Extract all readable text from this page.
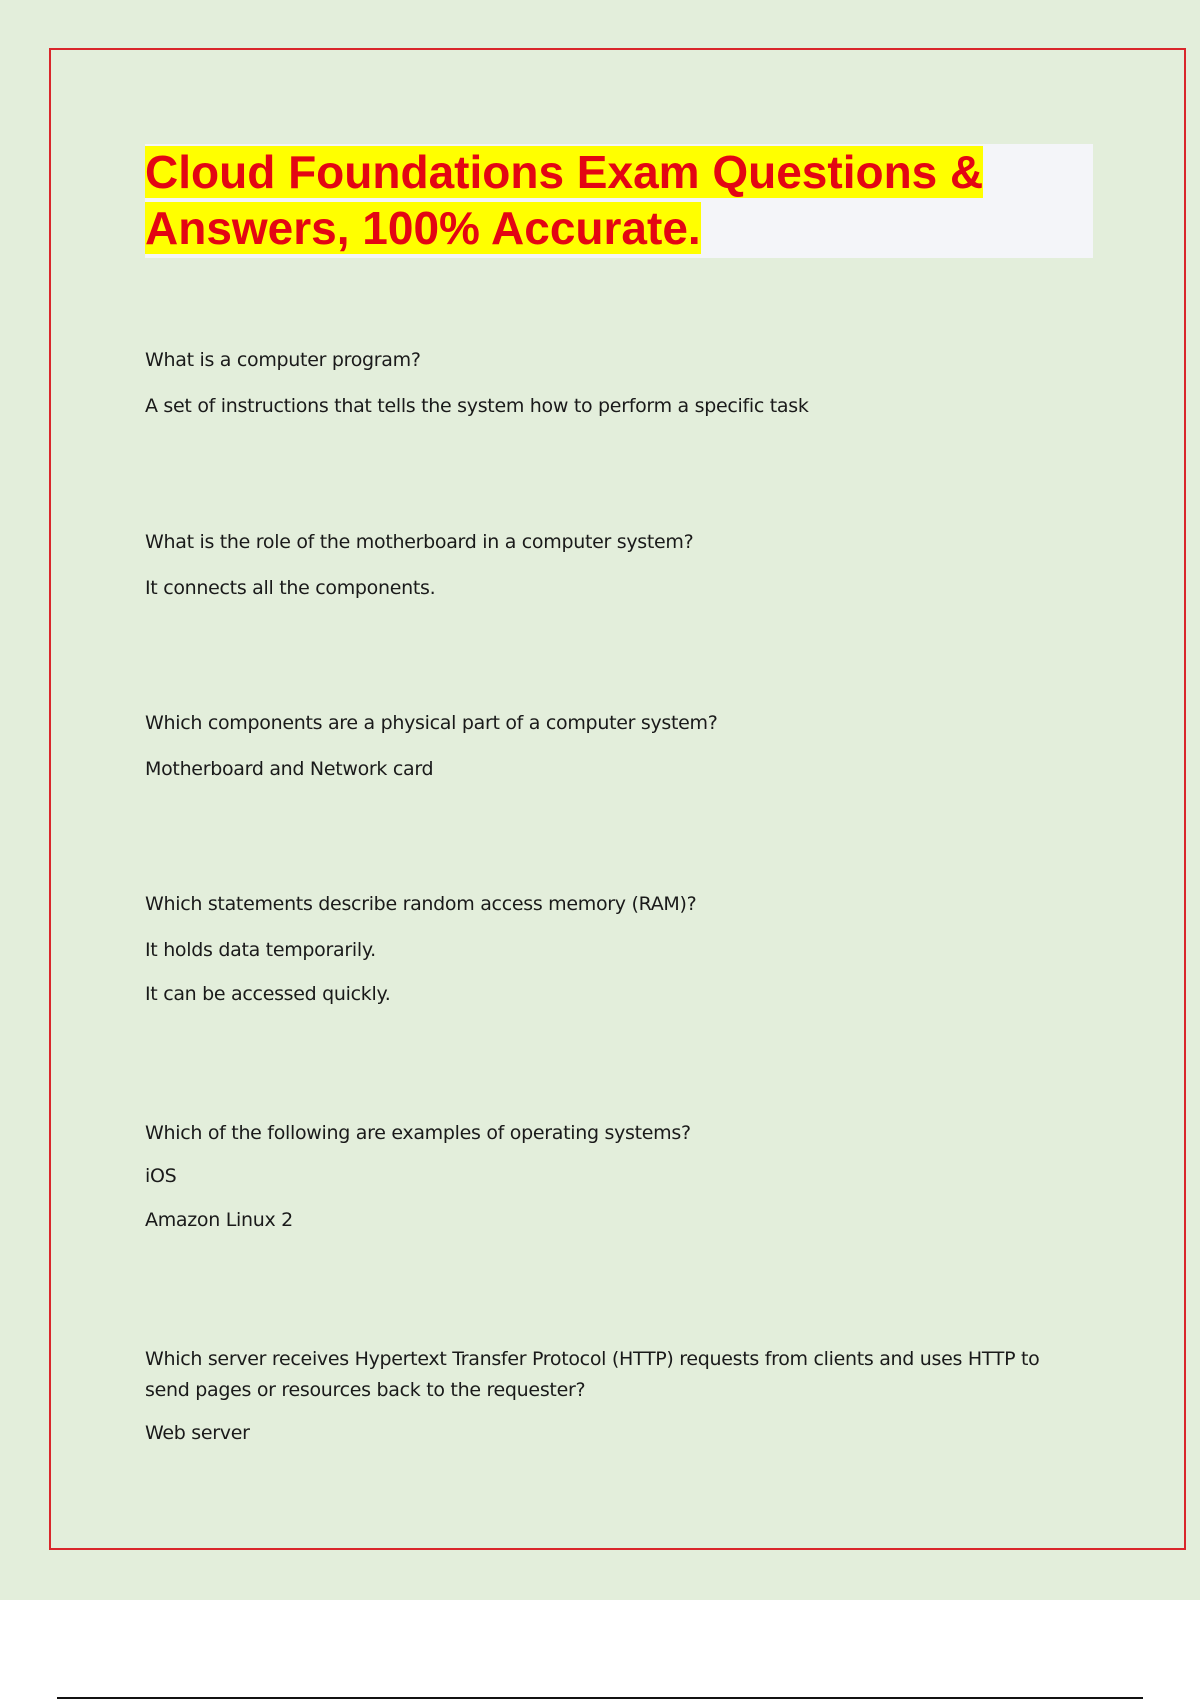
Cloud Foundations Exam Questions & Answers, 100% Accurate.

What is a computer program?

A set of instructions that tells the system how to perform a specific task

What is the role of the motherboard in a computer system?

It connects all the components.

Which components are a physical part of a computer system?

Motherboard and Network card

Which statements describe random access memory (RAM)?

It holds data temporarily.

It can be accessed quickly.

Which of the following are examples of operating systems?

iOS

Amazon Linux 2

Which server receives Hypertext Transfer Protocol (HTTP) requests from clients and uses HTTP to send pages or resources back to the requester?

Web server
